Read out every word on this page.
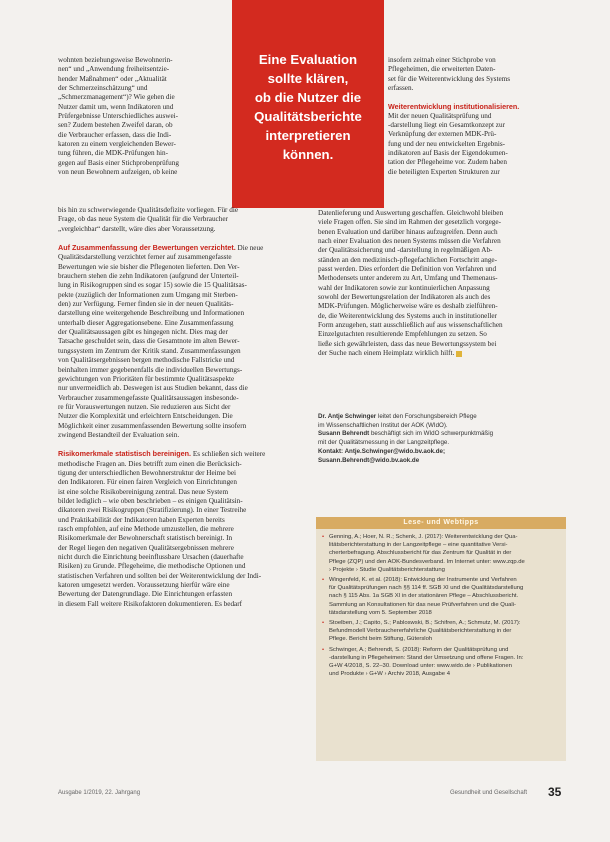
Eine Evaluation
sollte klären,
ob die Nutzer die
Qualitätsberichte
interpretieren
können.
wohnten beziehungsweise Bewohnerin-
nen“ und „Anwendung freiheitsentzie-
hender Maßnahmen“ oder „Aktualität
der Schmerzeinschätzung“ und
„Schmerzmanagement“)? Wie gehen die
Nutzer damit um, wenn Indikatoren und
Prüfergebnisse Unterschiedliches auswei-
sen? Zudem bestehen Zweifel daran, ob
die Verbraucher erfassen, dass die Indi-
katoren zu einem vergleichenden Bewer-
tung führen, die MDK-Prüfungen hin-
gegen auf Basis einer Stichprobenprüfung
von neun Bewohnern aufzeigen, ob keine
insofern zeitnah einer Stichprobe von
Pflegeheimen, die erweiterten Daten-
set für die Weiterentwicklung des Systems
erfassen.
Weiterentwicklung institutionalisieren.
Mit der neuen Qualitätsprüfung und
-darstellung liegt ein Gesamtkonzept zur
Verknüpfung der externen MDK-Prü-
fung und der neu entwickelten Ergebnis-
indikatoren auf Basis der Eigendokumen-
tation der Pflegeheime vor. Zudem haben
die beteiligten Experten Strukturen zur
bis hin zu schwerwiegende Qualitätsdefizite vorliegen. Für die
Frage, ob das neue System die Qualität für die Verbraucher
„vergleichbar“ darstellt, wäre dies aber Voraussetzung.
Auf Zusammenfassung der Bewertungen verzichtet. Die neue
Qualitätsdarstellung verzichtet ferner auf zusammengefasste
Bewertungen wie sie bisher die Pflegenoten lieferten. Den Ver-
brauchern stehen die zehn Indikatoren (aufgrund der Unterteil-
lung in Risikogruppen sind es sogar 15) sowie die 15 Qualitätsas-
pekte (zuzüglich der Informationen zum Umgang mit Sterben-
den) zur Verfügung. Ferner finden sie in der neuen Qualitäts-
darstellung eine weitergehende Beschreibung und Informationen
unterhalb dieser Aggregationsebene. Eine Zusammenfassung
der Qualitätsaussagen gibt es hingegen nicht. Dies mag der
Tatsache geschuldet sein, dass die Gesamtnote im alten Bewer-
tungssystem im Zentrum der Kritik stand. Zusammenfassungen
von Qualitätsergebnissen bergen methodische Fallstricke und
beinhalten immer gegebenenfalls die individuellen Bewertungs-
gewichtungen von Prioritäten für bestimmte Qualitätsaspekte
nur unvermeidlich ab. Deswegen ist aus Studien bekannt, dass die
Verbraucher zusammengefasste Qualitätsaussagen insbesonde-
re für Vorauswertungen nutzen. Sie reduzieren aus Sicht der
Nutzer die Komplexität und erleichtern Entscheidungen. Die
Möglichkeit einer zusammenfassenden Bewertung sollte insofern
zwingend Bestandteil der Evaluation sein.
Risikomerkmale statistisch bereinigen. Es schließen sich weitere
methodische Fragen an. Dies betrifft zum einen die Berücksich-
tigung der unterschiedlichen Bewohnerstruktur der Heime bei
den Indikatoren. Für einen fairen Vergleich von Einrichtungen
ist eine solche Risikobereinigung zentral. Das neue System
bildet lediglich – wie oben beschrieben – es einigen Qualitätsin-
dikatoren zwei Risikogruppen (Stratifizierung). In einer Testreihe
und Praktikabilität der Indikatoren haben Experten bereits
rasch empfohlen, auf eine Methode umzustellen, die mehrere
Risikomerkmale der Bewohnerschaft statistisch bereinigt. In
der Regel liegen den negativen Qualitätsergebnissen mehrere
nicht durch die Einrichtung beeinflussbare Ursachen (dauerhafte
Risiken) zu Grunde. Pflegeheime, die methodische Optionen und
statistischen Verfahren und sollten bei der Weiterentwicklung der Indi-
katoren umgesetzt werden. Voraussetzung hierfür wäre eine
Bewertung der Datengrundlage. Die Einrichtungen erfassten
in diesem Fall weitere Risikofaktoren dokumentieren. Es bedarf
Datenlieferung und Auswertung geschaffen. Gleichwohl bleiben
viele Fragen offen. Sie sind im Rahmen der gesetzlich vorgege-
benen Evaluation und darüber hinaus aufzugreifen. Denn auch
nach einer Evaluation des neuen Systems müssen die Verfahren
der Qualitätssicherung und -darstellung in regelmäßigen Ab-
ständen an den medizinisch-pflegefachlichen Fortschritt ange-
passt werden. Dies erfordert die Definition von Verfahren und
Methodensets unter anderem zu Art, Umfang und Themenaus-
wahl der Indikatoren sowie zur kontinuierlichen Anpassung
sowohl der Bewertungsrelation der Indikatoren als auch des
MDK-Prüfungen. Möglicherweise wäre es deshalb zielführen-
de, die Weiterentwicklung des Systems auch in institutioneller
Form anzugehen, statt ausschließlich auf aus wissenschaftlichen
Einzelgutachten resultierende Empfehlungen zu setzen. So
ließe sich gewährleisten, dass das neue Bewertungssystem bei
der Suche nach einem Heimplatz wirklich hilft.
Dr. Antje Schwinger leitet den Forschungsbereich Pflege
im Wissenschaftlichen Institut der AOK (WIdO).
Susann Behrendt beschäftigt sich im WIdO schwerpunktmäßig
mit der Qualitätsmessung in der Langzeitpflege.
Kontakt: Antje.Schwinger@wido.bv.aok.de;
Susann.Behrendt@wido.bv.aok.de
Lese- und Webtipps
• Genning, A.; Hoer, N. R.; Schenk, J. (2017): Weiterentwicklung der Qua-
litätsberichterstattung in der Langzeitpflege – eine quantitative Versi-
cherterbefragung. Abschlussbericht für das Zentrum für Qualität in der
Pflege (ZQP) und den AOK-Bundesverband. Im Internet unter: www.zqp.de
› Projekte › Studie Qualitätsberichterstattung
• Wingenfeld, K. et al. (2018): Entwicklung der Instrumente und Verfahren
für Qualitätsprüfungen nach §§ 114 ff. SGB XI und die Qualitätsdarstellung
nach § 115 Abs. 1a SGB XI in der stationären Pflege – Abschlussbericht.
Sammlung an Konsultationen für das neue Prüfverfahren und die Quali-
tätsdarstellung vom 5. September 2018
• Stoelben, J.; Capito, S.; Pabloswski, B.; Schifren, A.; Schmutz, M. (2017):
Befundmodell Verbrauchererfahrliche Qualitätsberichterstattung in der
Pflege. Bericht beim Stiftung, Gütersloh
• Schwinger, A.; Behrendt, S. (2018): Reform der Qualitätsprüfung und
-darstellung in Pflegeheimen: Stand der Umsetzung und offene Fragen. In:
G+W 4/2018, S. 22–30. Download unter: www.wido.de › Publikationen
und Produkte › G+W › Archiv 2018, Ausgabe 4
Ausgabe 1/2019, 22. Jahrgang	Gesundheit und Gesellschaft 35
